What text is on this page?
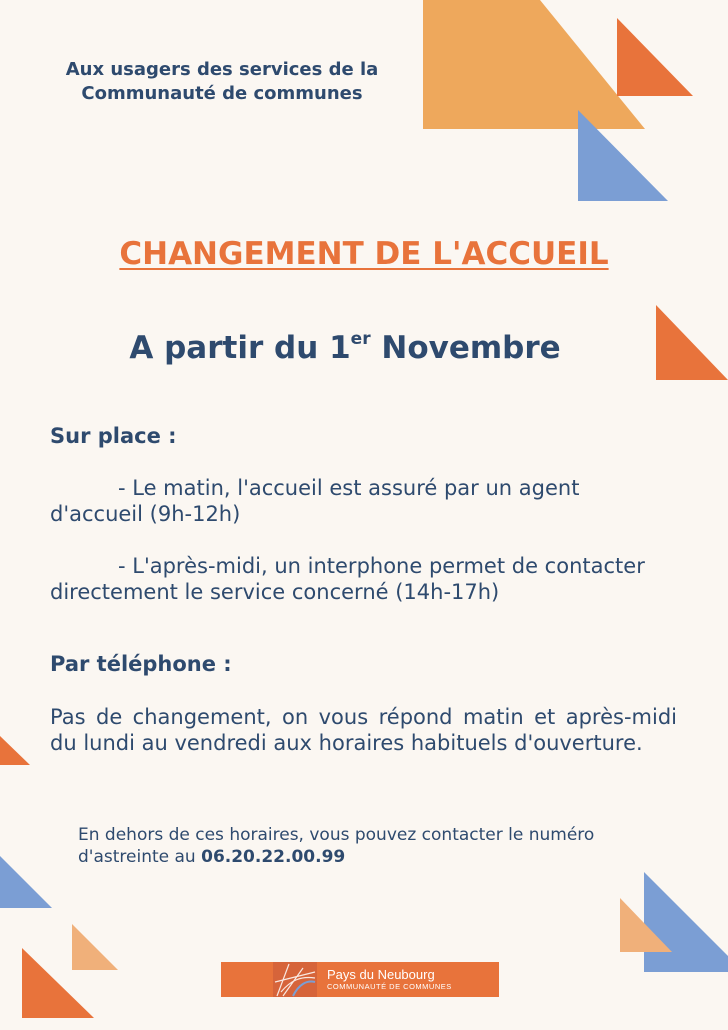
Aux usagers des services de la
Communauté de communes
CHANGEMENT DE L'ACCUEIL
A partir du 1er Novembre
Sur place :
- Le matin, l'accueil est assuré par un agent
d'accueil (9h-12h)
- L'après-midi, un interphone permet de contacter
directement le service concerné (14h-17h)
Par téléphone :
Pas de changement, on vous répond matin et après-midi du lundi au vendredi aux horaires habituels d'ouverture.
En dehors de ces horaires, vous pouvez contacter le numéro d'astreinte au 06.20.22.00.99
Pays du Neubourg
COMMUNAUTÉ DE COMMUNES
